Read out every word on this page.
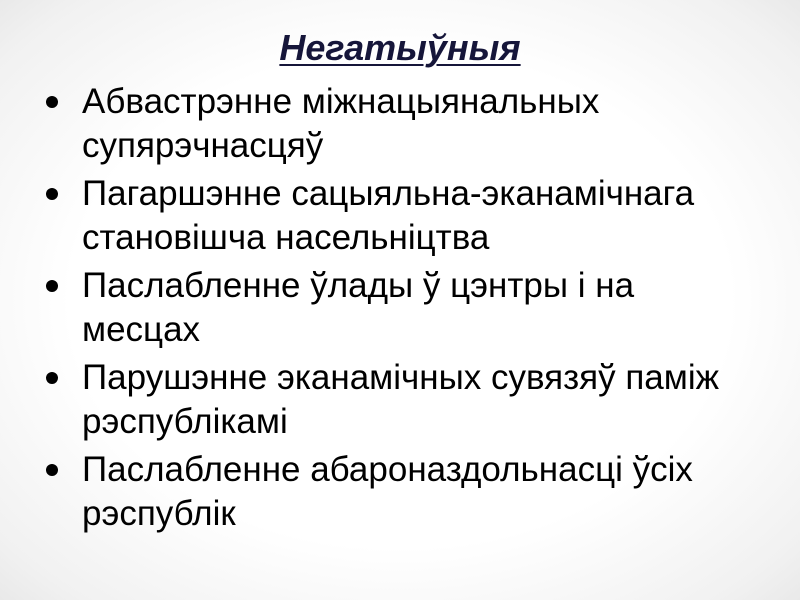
Негатыўныя
Абвастрэнне міжнацыянальных
супярэчнасцяў
Пагаршэнне сацыяльна-эканамічнага
становішча насельніцтва
Паслабленне ўлады ў цэнтры і на
месцах
Парушэнне эканамічных сувязяў паміж
рэспублікамі
Паслабленне абароназдольнасці ўсіх
рэспублік
